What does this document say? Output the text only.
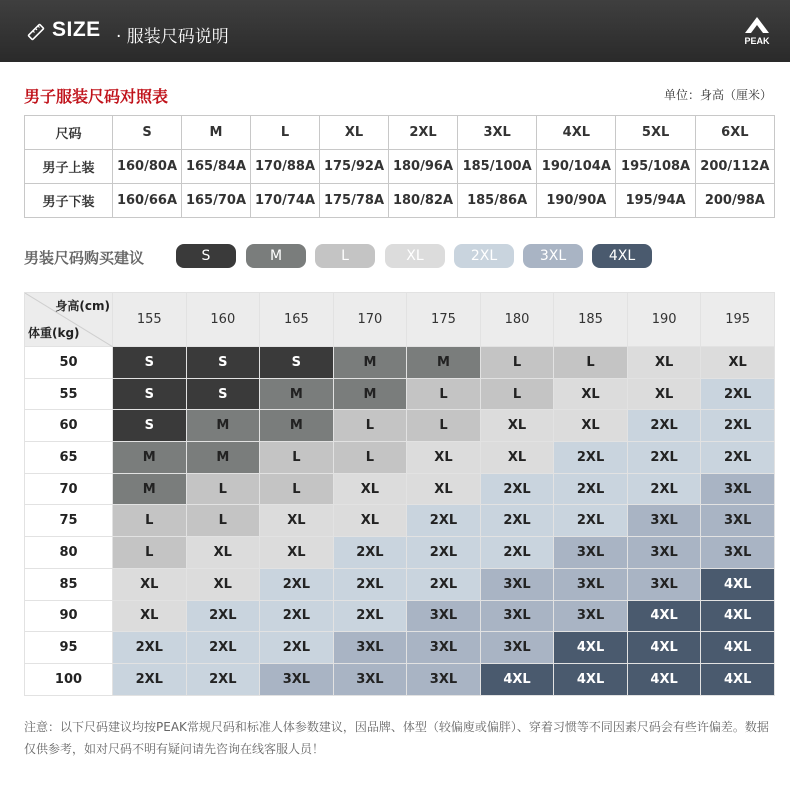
SIZE · 服装尺码说明	PEAK
男子服装尺码对照表	单位：身高（厘米）
尺码	S	M	L	XL	2XL	3XL	4XL	5XL	6XL
男子上装	160/80A	165/84A	170/88A	175/92A	180/96A	185/100A	190/104A	195/108A	200/112A
男子下装	160/66A	165/70A	170/74A	175/78A	180/82A	185/86A	190/90A	195/94A	200/98A
男装尺码购买建议	S	M	L	XL	2XL	3XL	4XL
身高(cm)
体重(kg)	155	160	165	170	175	180	185	190	195
50	S	S	S	M	M	L	L	XL	XL
55	S	S	M	M	L	L	XL	XL	2XL
60	S	M	M	L	L	XL	XL	2XL	2XL
65	M	M	L	L	XL	XL	2XL	2XL	2XL
70	M	L	L	XL	XL	2XL	2XL	2XL	3XL
75	L	L	XL	XL	2XL	2XL	2XL	3XL	3XL
80	L	XL	XL	2XL	2XL	2XL	3XL	3XL	3XL
85	XL	XL	2XL	2XL	2XL	3XL	3XL	3XL	4XL
90	XL	2XL	2XL	2XL	3XL	3XL	3XL	4XL	4XL
95	2XL	2XL	2XL	3XL	3XL	3XL	4XL	4XL	4XL
100	2XL	2XL	3XL	3XL	3XL	4XL	4XL	4XL	4XL
注意：以下尺码建议均按PEAK常规尺码和标准人体参数建议，因品牌、体型（较偏廋或偏胖）、穿着习惯等不同因素尺码会有些许偏差。数据仅供参考，如对尺码不明有疑问请先咨询在线客服人员！
